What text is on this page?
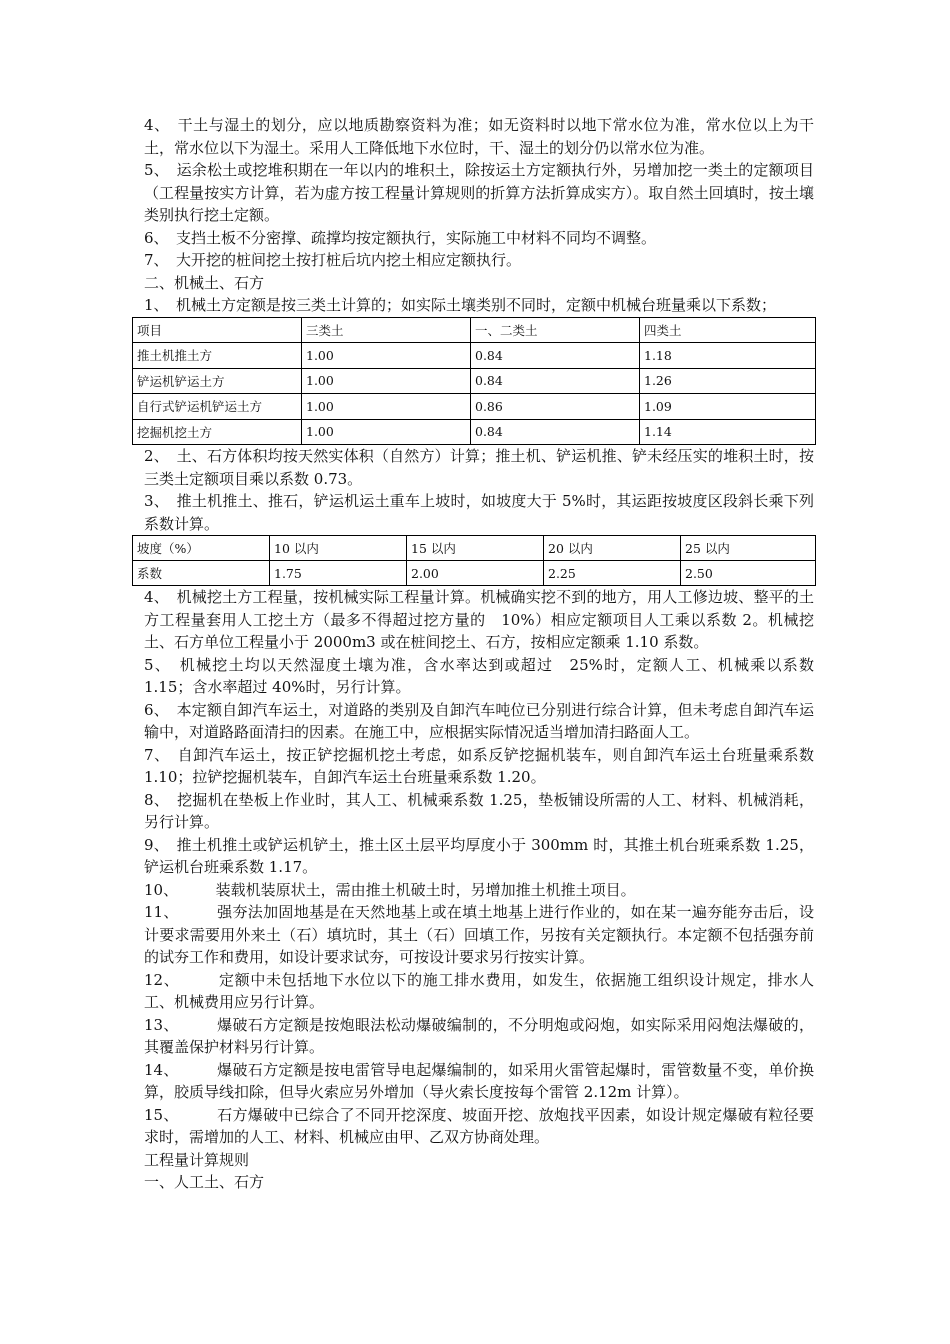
4、　干土与湿土的划分，应以地质勘察资料为准；如无资料时以地下常水位为准，常水位以上为干土，常水位以下为湿土。采用人工降低地下水位时，干、湿土的划分仍以常水位为准。
5、　运余松土或挖堆积期在一年以内的堆积土，除按运土方定额执行外，另增加挖一类土的定额项目（工程量按实方计算，若为虚方按工程量计算规则的折算方法折算成实方）。取自然土回填时，按土壤类别执行挖土定额。
6、　支挡土板不分密撑、疏撑均按定额执行，实际施工中材料不同均不调整。
7、　大开挖的桩间挖土按打桩后坑内挖土相应定额执行。
二、机械土、石方
1、　机械土方定额是按三类土计算的；如实际土壤类别不同时，定额中机械台班量乘以下系数；
项目	三类土	一、二类土	四类土
推土机推土方	1.00	0.84	1.18
铲运机铲运土方	1.00	0.84	1.26
自行式铲运机铲运土方	1.00	0.86	1.09
挖掘机挖土方	1.00	0.84	1.14
2、　土、石方体积均按天然实体积（自然方）计算；推土机、铲运机推、铲未经压实的堆积土时，按三类土定额项目乘以系数 0.73。
3、　推土机推土、推石，铲运机运土重车上坡时，如坡度大于 5%时，其运距按坡度区段斜长乘下列系数计算。
坡度（%）	10 以内	15 以内	20 以内	25 以内
系数	1.75	2.00	2.25	2.50
4、　机械挖土方工程量，按机械实际工程量计算。机械确实挖不到的地方，用人工修边坡、整平的土方工程量套用人工挖土方（最多不得超过挖方量的　10%）相应定额项目人工乘以系数 2。机械挖土、石方单位工程量小于 2000m3 或在桩间挖土、石方，按相应定额乘 1.10 系数。
5、　机械挖土均以天然湿度土壤为准，含水率达到或超过　25%时，定额人工、机械乘以系数 1.15；含水率超过 40%时，另行计算。
6、　本定额自卸汽车运土，对道路的类别及自卸汽车吨位已分别进行综合计算，但未考虑自卸汽车运输中，对道路路面清扫的因素。在施工中，应根据实际情况适当增加清扫路面人工。
7、　自卸汽车运土，按正铲挖掘机挖土考虑，如系反铲挖掘机装车，则自卸汽车运土台班量乘系数 1.10；拉铲挖掘机装车，自卸汽车运土台班量乘系数 1.20。
8、　挖掘机在垫板上作业时，其人工、机械乘系数 1.25，垫板铺设所需的人工、材料、机械消耗，另行计算。
9、　推土机推土或铲运机铲土，推土区土层平均厚度小于 300mm 时，其推土机台班乘系数 1.25，铲运机台班乘系数 1.17。
10、　　　装载机装原状土，需由推土机破土时，另增加推土机推土项目。
11、　　　强夯法加固地基是在天然地基上或在填土地基上进行作业的，如在某一遍夯能夯击后，设计要求需要用外来土（石）填坑时，其土（石）回填工作，另按有关定额执行。本定额不包括强夯前的试夯工作和费用，如设计要求试夯，可按设计要求另行按实计算。
12、　　　定额中未包括地下水位以下的施工排水费用，如发生，依据施工组织设计规定，排水人工、机械费用应另行计算。
13、　　　爆破石方定额是按炮眼法松动爆破编制的，不分明炮或闷炮，如实际采用闷炮法爆破的，其覆盖保护材料另行计算。
14、　　　爆破石方定额是按电雷管导电起爆编制的，如采用火雷管起爆时，雷管数量不变，单价换算，胶质导线扣除，但导火索应另外增加（导火索长度按每个雷管 2.12m 计算）。
15、　　　石方爆破中已综合了不同开挖深度、坡面开挖、放炮找平因素，如设计规定爆破有粒径要求时，需增加的人工、材料、机械应由甲、乙双方协商处理。
工程量计算规则
一、人工土、石方
